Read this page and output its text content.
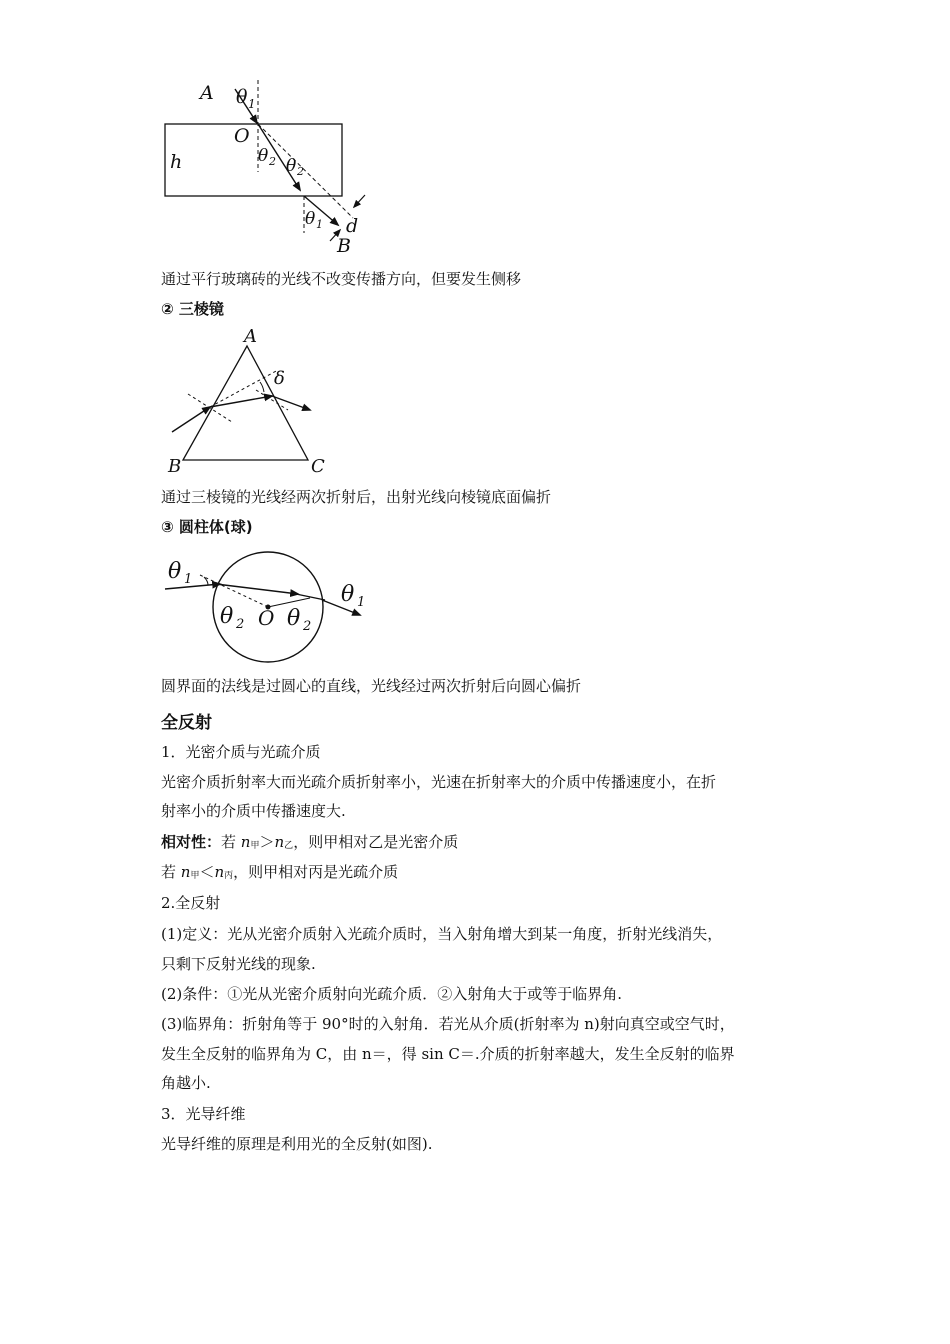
A θ 1
O
h	θ 2 θ 2
θ 1 d
B
通过平行玻璃砖的光线不改变传播方向，但要发生侧移
② 三棱镜
A
δ
B	C
通过三棱镜的光线经两次折射后，出射光线向棱镜底面偏折
③ 圆柱体(球)
θ 1
θ 2 O θ 2
θ 1
圆界面的法线是过圆心的直线，光线经过两次折射后向圆心偏折
全反射
1．光密介质与光疏介质
光密介质折射率大而光疏介质折射率小，光速在折射率大的介质中传播速度小，在折
射率小的介质中传播速度大.
相对性：若 n甲＞n乙，则甲相对乙是光密介质
若 n甲＜n丙，则甲相对丙是光疏介质
2.全反射
(1)定义：光从光密介质射入光疏介质时，当入射角增大到某一角度，折射光线消失，
只剩下反射光线的现象.
(2)条件：①光从光密介质射向光疏介质．②入射角大于或等于临界角.
(3)临界角：折射角等于 90°时的入射角．若光从介质(折射率为 n)射向真空或空气时，
发生全反射的临界角为 C，由 n＝，得 sin C＝.介质的折射率越大，发生全反射的临界
角越小.
3．光导纤维
光导纤维的原理是利用光的全反射(如图).
